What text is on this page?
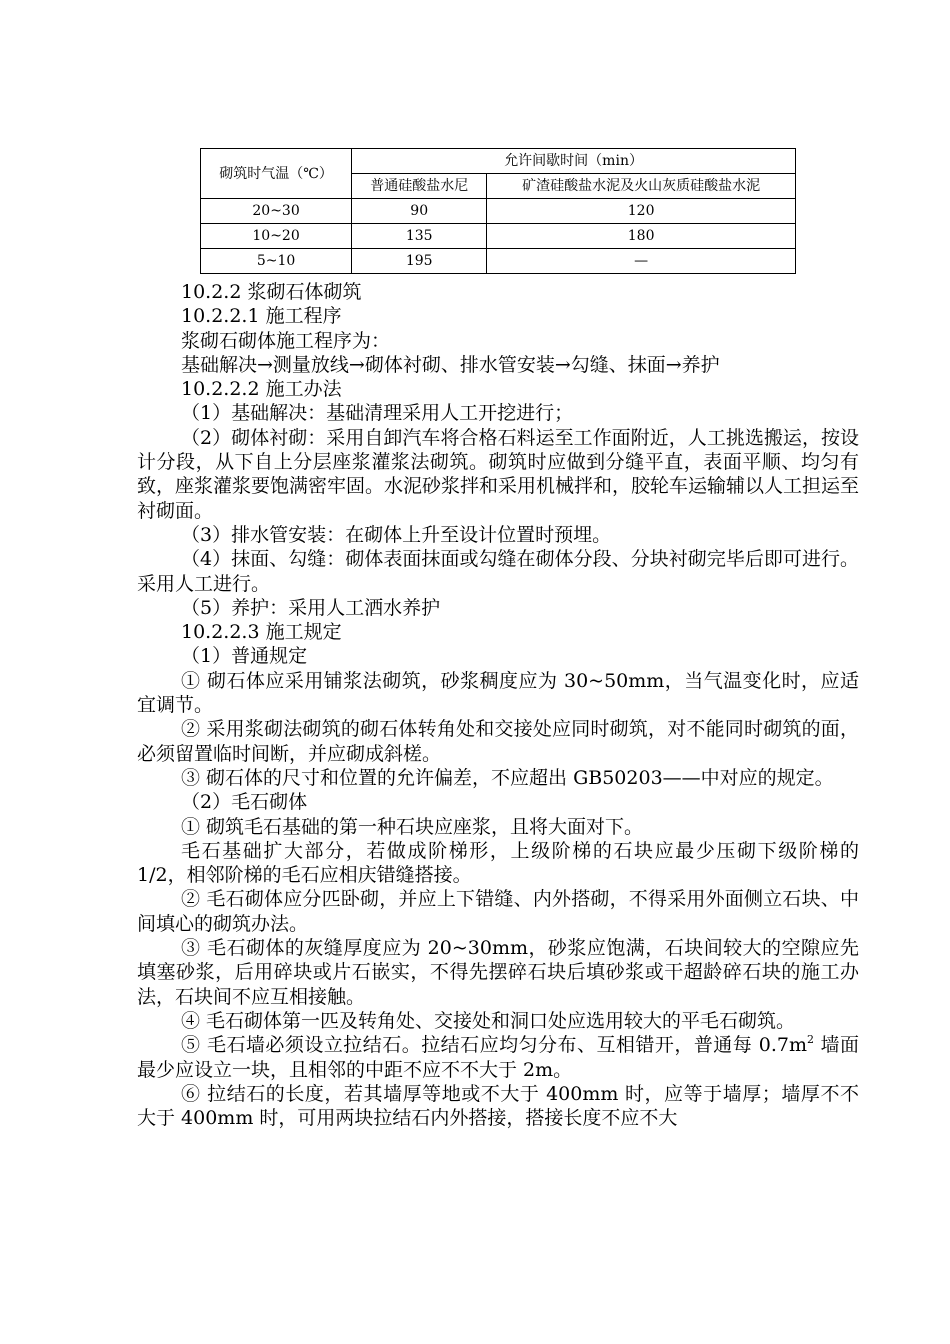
砌筑时气温（℃）	允许间歇时间（min）	
	普通硅酸盐水尼	矿渣硅酸盐水泥及火山灰质硅酸盐水泥
20~30	90	120
10~20	135	180
5~10	195	—

10.2.2 浆砌石体砌筑

10.2.2.1 施工程序

浆砌石砌体施工程序为：

基础解决→测量放线→砌体衬砌、排水管安装→勾缝、抹面→养护

10.2.2.2 施工办法

（1）基础解决：基础清理采用人工开挖进行；

（2）砌体衬砌：采用自卸汽车将合格石料运至工作面附近，人工挑选搬运，按设计分段，从下自上分层座浆灌浆法砌筑。砌筑时应做到分缝平直，表面平顺、均匀有致，座浆灌浆要饱满密牢固。水泥砂浆拌和采用机械拌和，胶轮车运输辅以人工担运至衬砌面。

（3）排水管安装：在砌体上升至设计位置时预埋。

（4）抹面、勾缝：砌体表面抹面或勾缝在砌体分段、分块衬砌完毕后即可进行。采用人工进行。

（5）养护：采用人工洒水养护

10.2.2.3 施工规定

（1）普通规定

① 砌石体应采用铺浆法砌筑，砂浆稠度应为 30~50mm，当气温变化时，应适宜调节。

② 采用浆砌法砌筑的砌石体转角处和交接处应同时砌筑，对不能同时砌筑的面，必须留置临时间断，并应砌成斜槎。

③ 砌石体的尺寸和位置的允许偏差，不应超出 GB50203——中对应的规定。

（2）毛石砌体

① 砌筑毛石基础的第一种石块应座浆，且将大面对下。

毛石基础扩大部分，若做成阶梯形，上级阶梯的石块应最少压砌下级阶梯的 1/2，相邻阶梯的毛石应相庆错缝搭接。

② 毛石砌体应分匹卧砌，并应上下错缝、内外搭砌，不得采用外面侧立石块、中间填心的砌筑办法。

③ 毛石砌体的灰缝厚度应为 20~30mm，砂浆应饱满，石块间较大的空隙应先填塞砂浆，后用碎块或片石嵌实，不得先摆碎石块后填砂浆或干超龄碎石块的施工办法，石块间不应互相接触。

④ 毛石砌体第一匹及转角处、交接处和洞口处应选用较大的平毛石砌筑。

⑤ 毛石墙必须设立拉结石。拉结石应均匀分布、互相错开，普通每 $0.7m^2$ 墙面最少应设立一块，且相邻的中距不应不不大于 2m。

⑥ 拉结石的长度，若其墙厚等地或不大于 400mm 时，应等于墙厚；墙厚不不大于 400mm 时，可用两块拉结石内外搭接，搭接长度不应不大
